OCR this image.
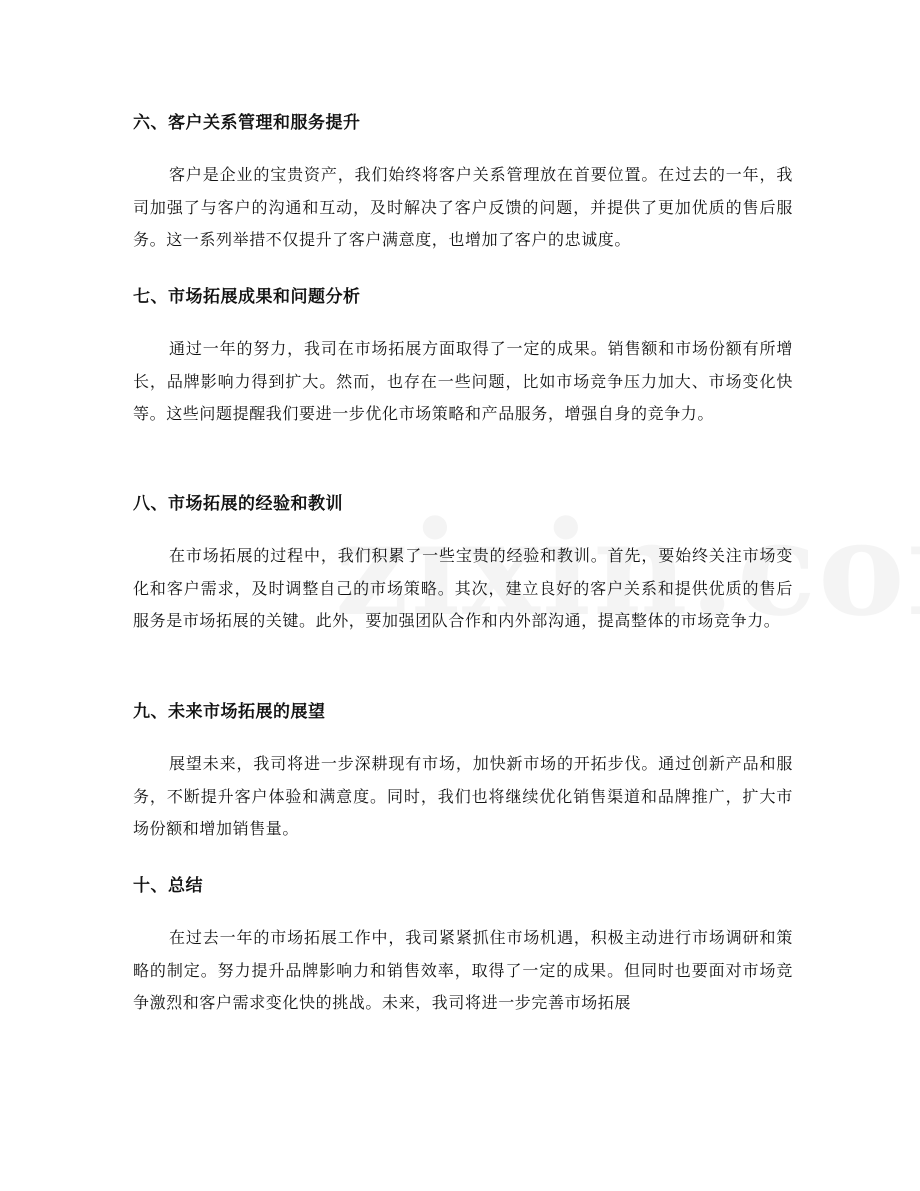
六、客户关系管理和服务提升

客户是企业的宝贵资产，我们始终将客户关系管理放在首要位置。在过去的一年，我司加强了与客户的沟通和互动，及时解决了客户反馈的问题，并提供了更加优质的售后服务。这一系列举措不仅提升了客户满意度，也增加了客户的忠诚度。

七、市场拓展成果和问题分析

通过一年的努力，我司在市场拓展方面取得了一定的成果。销售额和市场份额有所增长，品牌影响力得到扩大。然而，也存在一些问题，比如市场竞争压力加大、市场变化快等。这些问题提醒我们要进一步优化市场策略和产品服务，增强自身的竞争力。

八、市场拓展的经验和教训

在市场拓展的过程中，我们积累了一些宝贵的经验和教训。首先，要始终关注市场变化和客户需求，及时调整自己的市场策略。其次，建立良好的客户关系和提供优质的售后服务是市场拓展的关键。此外，要加强团队合作和内外部沟通，提高整体的市场竞争力。

九、未来市场拓展的展望

展望未来，我司将进一步深耕现有市场，加快新市场的开拓步伐。通过创新产品和服务，不断提升客户体验和满意度。同时，我们也将继续优化销售渠道和品牌推广，扩大市场份额和增加销售量。

十、总结

在过去一年的市场拓展工作中，我司紧紧抓住市场机遇，积极主动进行市场调研和策略的制定。努力提升品牌影响力和销售效率，取得了一定的成果。但同时也要面对市场竞争激烈和客户需求变化快的挑战。未来，我司将进一步完善市场拓展
